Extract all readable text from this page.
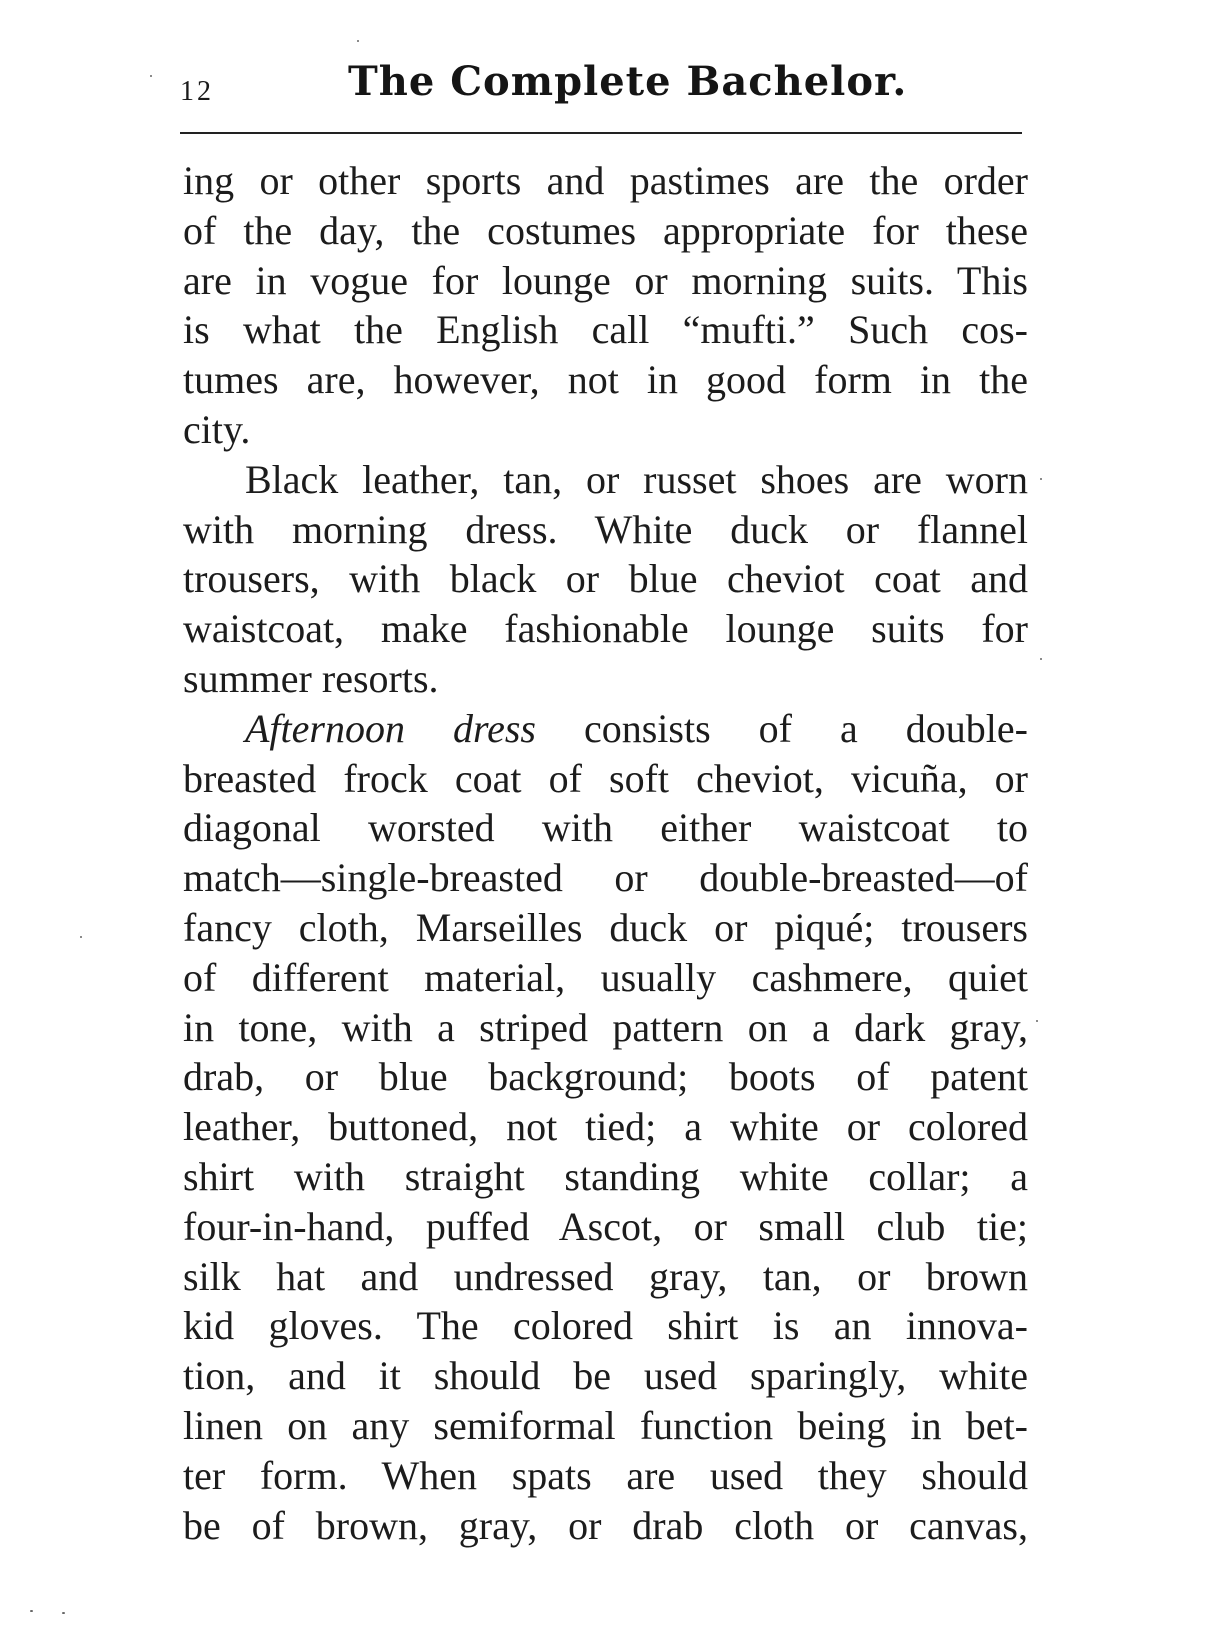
12	The Complete Bachelor.
ing or other sports and pastimes are the order
of the day, the costumes appropriate for these
are in vogue for lounge or morning suits. This
is what the English call “mufti.” Such cos-
tumes are, however, not in good form in the
city.
Black leather, tan, or russet shoes are worn
with morning dress. White duck or flannel
trousers, with black or blue cheviot coat and
waistcoat, make fashionable lounge suits for
summer resorts.
Afternoon dress consists of a double-
breasted frock coat of soft cheviot, vicuña, or
diagonal worsted with either waistcoat to
match—single-breasted or double-breasted—of
fancy cloth, Marseilles duck or piqué; trousers
of different material, usually cashmere, quiet
in tone, with a striped pattern on a dark gray,
drab, or blue background; boots of patent
leather, buttoned, not tied; a white or colored
shirt with straight standing white collar; a
four-in-hand, puffed Ascot, or small club tie;
silk hat and undressed gray, tan, or brown
kid gloves. The colored shirt is an innova-
tion, and it should be used sparingly, white
linen on any semiformal function being in bet-
ter form. When spats are used they should
be of brown, gray, or drab cloth or canvas,
